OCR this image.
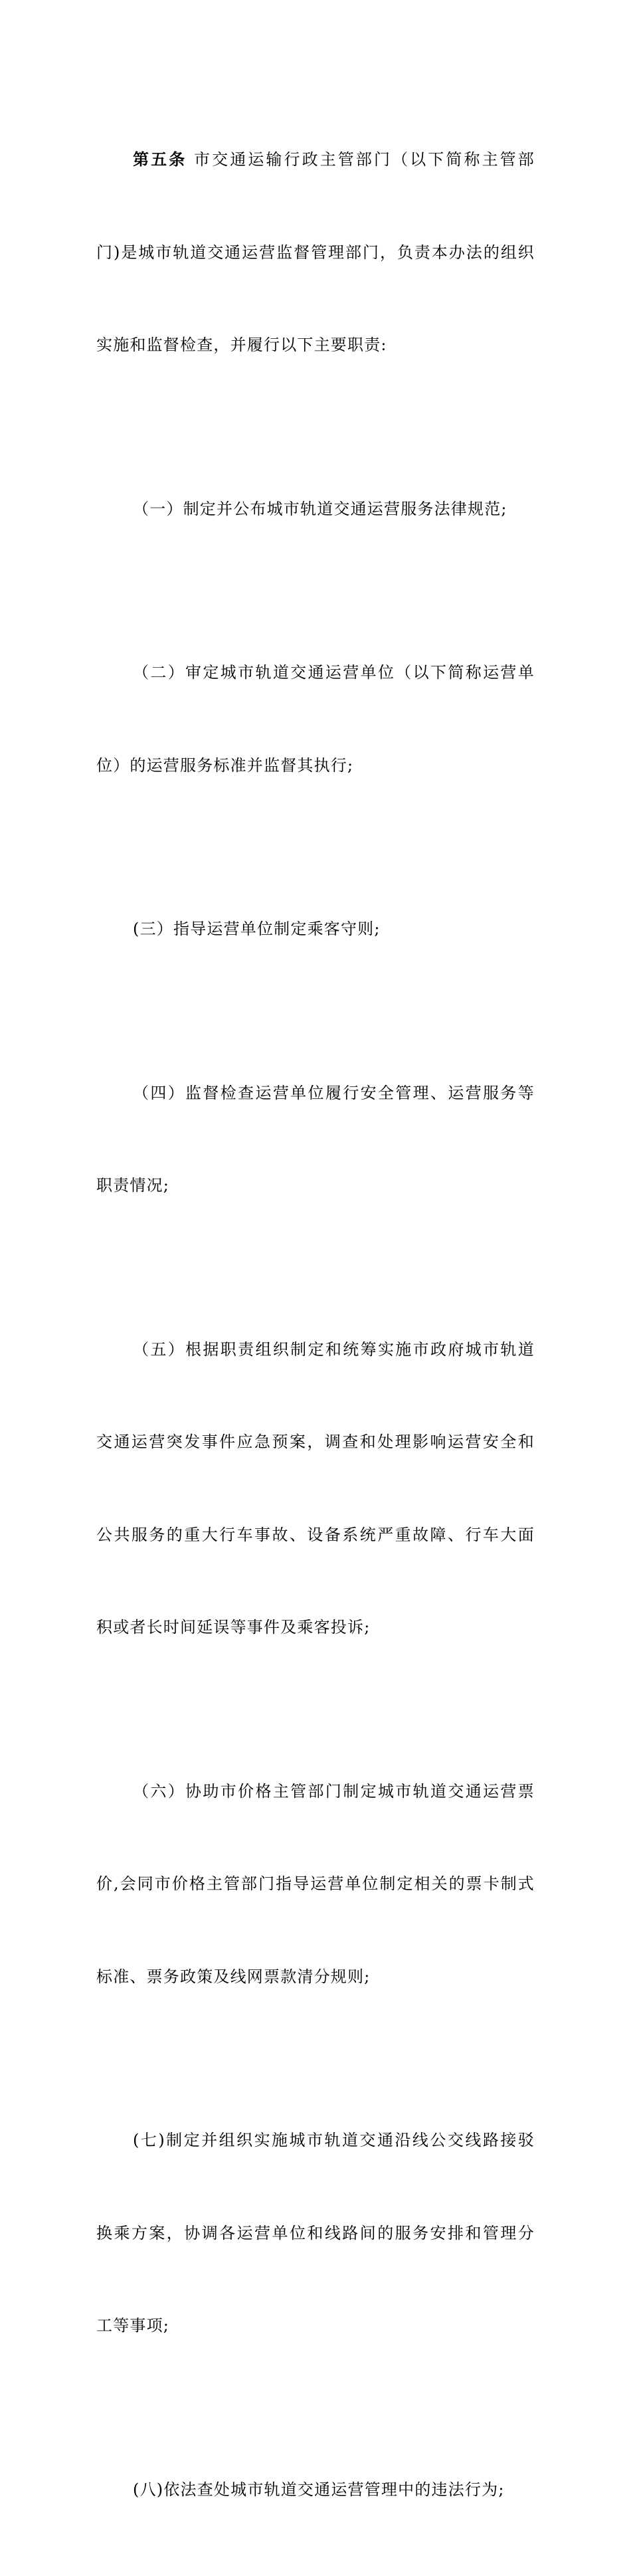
第五条 市交通运输行政主管部门（以下简称主管部

门)是城市轨道交通运营监督管理部门，负责本办法的组织

实施和监督检查，并履行以下主要职责:

（一）制定并公布城市轨道交通运营服务法律规范;

（二）审定城市轨道交通运营单位（以下简称运营单

位）的运营服务标准并监督其执行;

(三）指导运营单位制定乘客守则;

（四）监督检查运营单位履行安全管理、运营服务等

职责情况;

（五）根据职责组织制定和统筹实施市政府城市轨道

交通运营突发事件应急预案，调查和处理影响运营安全和

公共服务的重大行车事故、设备系统严重故障、行车大面

积或者长时间延误等事件及乘客投诉;

（六）协助市价格主管部门制定城市轨道交通运营票

价,会同市价格主管部门指导运营单位制定相关的票卡制式

标准、票务政策及线网票款清分规则;

(七)制定并组织实施城市轨道交通沿线公交线路接驳

换乘方案，协调各运营单位和线路间的服务安排和管理分

工等事项;

(八)依法查处城市轨道交通运营管理中的违法行为;
